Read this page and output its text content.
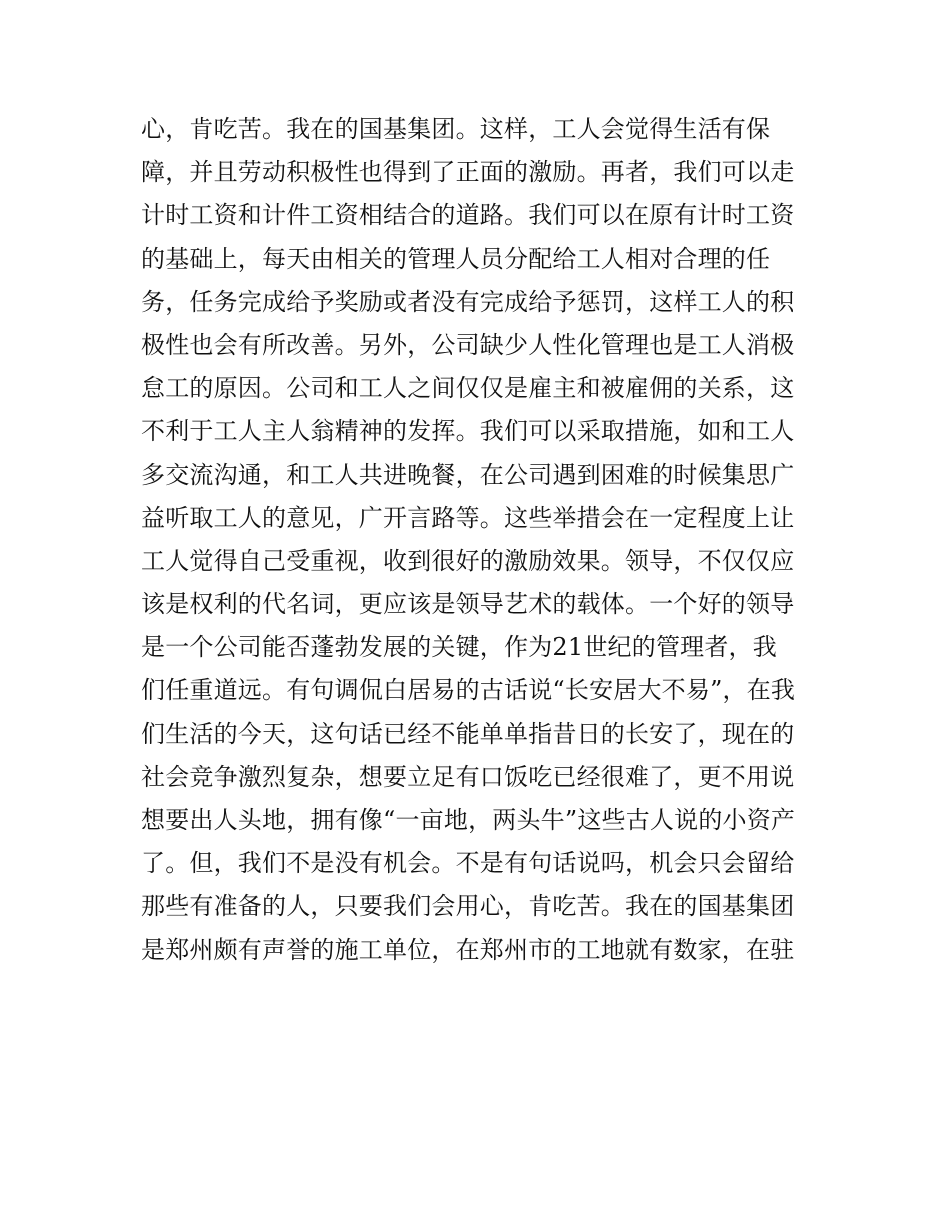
心，肯吃苦。我在的国基集团。这样，工人会觉得生活有保
障，并且劳动积极性也得到了正面的激励。再者，我们可以走
计时工资和计件工资相结合的道路。我们可以在原有计时工资
的基础上，每天由相关的管理人员分配给工人相对合理的任
务，任务完成给予奖励或者没有完成给予惩罚，这样工人的积
极性也会有所改善。另外，公司缺少人性化管理也是工人消极
怠工的原因。公司和工人之间仅仅是雇主和被雇佣的关系，这
不利于工人主人翁精神的发挥。我们可以采取措施，如和工人
多交流沟通，和工人共进晚餐，在公司遇到困难的时候集思广
益听取工人的意见，广开言路等。这些举措会在一定程度上让
工人觉得自己受重视，收到很好的激励效果。领导，不仅仅应
该是权利的代名词，更应该是领导艺术的载体。一个好的领导
是一个公司能否蓬勃发展的关键，作为21世纪的管理者，我
们任重道远。有句调侃白居易的古话说“长安居大不易”，在我
们生活的今天，这句话已经不能单单指昔日的长安了，现在的
社会竞争激烈复杂，想要立足有口饭吃已经很难了，更不用说
想要出人头地，拥有像“一亩地，两头牛”这些古人说的小资产
了。但，我们不是没有机会。不是有句话说吗，机会只会留给
那些有准备的人，只要我们会用心，肯吃苦。我在的国基集团
是郑州颇有声誉的施工单位，在郑州市的工地就有数家，在驻
